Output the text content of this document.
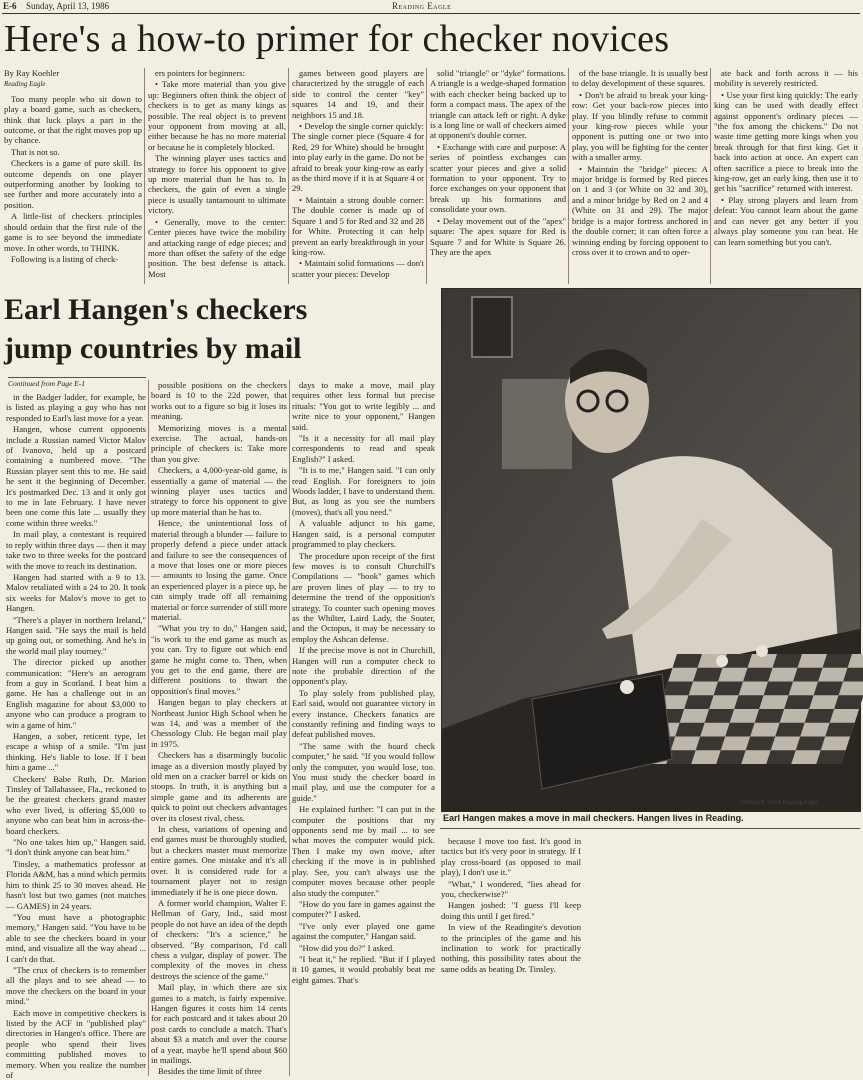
E-6 Sunday, April 13, 1986	Reading Eagle
Here's a how-to primer for checker novices

By Ray Koehler

Reading Eagle

Too many people who sit down to play a board game, such as checkers, think that luck plays a part in the outcome, or that the right moves pop up by chance.

That is not so.

Checkers is a game of pure skill. Its outcome depends on one player outperforming another by looking to see further and more accurately into a position.

A little-list of checkers principles should ordain that the first rule of the game is to see beyond the immediate move. In other words, to THINK.

Following is a listing of check-

ers pointers for beginners:

• Take more material than you give up: Beginners often think the object of checkers is to get as many kings as possible. The real object is to prevent your opponent from moving at all, either because he has no more material or because he is completely blocked.

The winning player uses tactics and strategy to force his opponent to give up more material than he has to. In checkers, the gain of even a single piece is usually tantamount to ultimate victory.

• Generally, move to the center: Center pieces have twice the mobility and attacking range of edge pieces; and more than offset the safety of the edge position. The best defense is attack. Most

games between good players are characterized by the struggle of each side to control the center "key" squares 14 and 19, and their neighbors 15 and 18.

• Develop the single corner quickly: The single corner piece (Square 4 for Red, 29 for White) should be brought into play early in the game. Do not be afraid to break your king-row as early as the third move if it is at Square 4 or 29.

• Maintain a strong double corner: The double corner is made up of Square 1 and 5 for Red and 32 and 28 for White. Protecting it can help prevent an early breakthrough in your king-row.

• Maintain solid formations — don't scatter your pieces: Develop

solid "triangle" or "dyke" formations. A triangle is a wedge-shaped formation with each checker being backed up to form a compact mass. The apex of the triangle can attack left or right. A dyke is a long line or wall of checkers aimed at opponent's double corner.

• Exchange with care and purpose: A series of pointless exchanges can scatter your pieces and give a solid formation to your opponent. Try to force exchanges on your opponent that break up his formations and consolidate your own.

• Delay movement out of the "apex" square: The apex square for Red is Square 7 and for White is Square 26. They are the apex

of the base triangle. It is usually best to delay development of these squares.

• Don't be afraid to break your king-row: Get your back-row pieces into play. If you blindly refuse to commit your king-row pieces while your opponent is putting one or two into play, you will be fighting for the center with a smaller army.

• Maintain the "bridge" pieces: A major bridge is formed by Red pieces on 1 and 3 (or White on 32 and 30), and a minor bridge by Red on 2 and 4 (White on 31 and 29). The major bridge is a major fortress anchored in the double corner; it can often force a winning ending by forcing opponent to cross over it to crown and to oper-

ate back and forth across it — his mobility is severely restricted.

• Use your first king quickly: The early king can be used with deadly effect against opponent's ordinary pieces — "the fox among the chickens." Do not waste time getting more kings when you break through for that first king. Get it back into action at once. An expert can often sacrifice a piece to break into the king-row, get an early king, then use it to get his "sacrifice" returned with interest.

• Play strong players and learn from defeat: You cannot learn about the game and can never get any better if you always play someone you can beat. He can learn something but you can't.

Earl Hangen's checkers
jump countries by mail
Continued from Page E-1

in the Badger ladder, for example, he is listed as playing a guy who has not responded to Earl's last move for a year.

Hangen, whose current opponents include a Russian named Victor Malov of Ivanovo, held up a postcard containing a numbered move. "The Russian player sent this to me. He said he sent it the beginning of December. It's postmarked Dec. 13 and it only got to me in late February. I have never been one come this late ... usually they come within three weeks."

In mail play, a contestant is required to reply within three days — then it may take two to three weeks for the postcard with the move to reach its destination.

Hangen had started with a 9 to 13. Malov retaliated with a 24 to 20. It took six weeks for Malov's move to get to Hangen.

"There's a player in northern Ireland," Hangen said. "He says the mail is held up going out, or something. And he's in the world mail play tourney."

The director picked up another communication: "Here's an aerogram from a guy in Scotland. I beat him a game. He has a challenge out in an English magazine for about $3,000 to anyone who can produce a program to win a game of him."

Hangen, a sober, reticent type, let escape a whisp of a smile. "I'm just thinking. He's liable to lose. If I beat him a game ..."

Checkers' Babe Ruth, Dr. Marion Tinsley of Tallahassee, Fla., reckoned to be the greatest checkers grand master who ever lived, is offering $5,000 to anyone who can beat him in across-the-board checkers.

"No one takes him up," Hangen said. "I don't think anyone can beat him."

Tinsley, a mathematics professor at Florida A&M, has a mind which permits him to think 25 to 30 moves ahead. He hasn't lost but two games (not matches — GAMES) in 24 years.

"You must have a photographic memory," Hangen said. "You have to be able to see the checkers board in your mind, and visualize all the way ahead ... I can't do that.

"The crux of checkers is to remember all the plays and to see ahead — to move the checkers on the board in your mind."

Each move in competitive checkers is listed by the ACF in "published play" directories in Hangen's office. There are people who spend their lives committing published moves to memory. When you realize the number of

possible positions on the checkers board is 10 to the 22d power, that works out to a figure so big it loses its meaning.

Memorizing moves is a mental exercise. The actual, hands-on principle of checkers is: Take more than you give.

Checkers, a 4,000-year-old game, is essentially a game of material — the winning player uses tactics and strategy to force his opponent to give up more material than he has to.

Hence, the unintentional loss of material through a blunder — failure to properly defend a piece under attack and failure to see the consequences of a move that loses one or more pieces — amounts to losing the game. Once an experienced player is a piece up, he can simply trade off all remaining material or force surrender of still more material.

"What you try to do," Hangen said, "is work to the end game as much as you can. Try to figure out which end game he might come to. Then, when you get to the end game, there are different positions to thwart the opposition's final moves."

Hangen began to play checkers at Northeast Junior High School when he was 14, and was a member of the Chessology Club. He began mail play in 1975.

Checkers has a disarmingly bucolic image as a diversion mostly played by old men on a cracker barrel or kids on stoops. In truth, it is anything but a simple game and its adherents are quick to point out checkers advantages over its closest rival, chess.

In chess, variations of opening and end games must be thoroughly studied, but a checkers master must memorize entire games. One mistake and it's all over. It is considered rude for a tournament player not to resign immediately if he is one piece down.

A former world champion, Walter F. Hellman of Gary, Ind., said most people do not have an idea of the depth of checkers: "It's a science," he observed. "By comparison, I'd call chess a vulgar, display of power. The complexity of the moves in chess destroys the science of the game."

Mail play, in which there are six games to a match, is fairly expensive. Hangen figures it costs him 14 cents for each postcard and it takes about 20 post cards to conclude a match. That's about $3 a match and over the course of a year, maybe he'll spend about $60 in mailings.

Besides the time limit of three

days to make a move, mail play requires other less formal but precise rituals: "You got to write legibly ... and write nice to your opponent," Hangen said.

"Is it a necessity for all mail play correspondents to read and speak English?" I asked.

"It is to me," Hangen said. "I can only read English. For foreigners to join Woods ladder, I have to understand them. But, as long as you see the numbers (moves), that's all you need."

A valuable adjunct to his game, Hangen said, is a personal computer programmed to play checkers.

The procedure upon receipt of the first few moves is to consult Churchill's Compilations — "book" games which are proven lines of play — to try to determine the trend of the opposition's strategy. To counter such opening moves as the Whilter, Laird Lady, the Souter, and the Octopus, it may be necessary to employ the Ashcan defense.

If the precise move is not in Churchill, Hangen will run a computer check to note the probable direction of the opponent's play.

To play solely from published play, Earl said, would not guarantee victory in every instance. Checkers fanatics are constantly refining and finding ways to defeat published moves.

"The same with the board check computer," he said. "If you would follow only the computer, you would lose, too. You must study the checker board in mail play, and use the computer for a guide."

He explained further: "I can put in the computer the positions that my opponents send me by mail ... to see what moves the computer would pick. Then I make my own move, after checking if the move is in published play. See, you can't always use the computer moves because other people also study the computer."

"How do you fare in games against the computer?" I asked.

"I've only ever played one game against the computer," Hangan said.

"How did you do?" I asked.

"I beat it," he replied. "But if I played it 10 games, it would probably beat me eight games. That's

Clifford R. Yeich Reading Eagle
Earl Hangen makes a move in mail checkers. Hangen lives in Reading.

because I move too fast. It's good in tactics but it's very poor in strategy. If I play cross-board (as opposed to mail play), I don't use it."

"What," I wondered, "lies ahead for you, checkerwise?"

Hangen joshed: "I guess I'll keep doing this until I get fired."

In view of the Readingite's devotion to the principles of the game and his inclination to work for practically nothing, this possibility rates about the same odds as beating Dr. Tinsley.
